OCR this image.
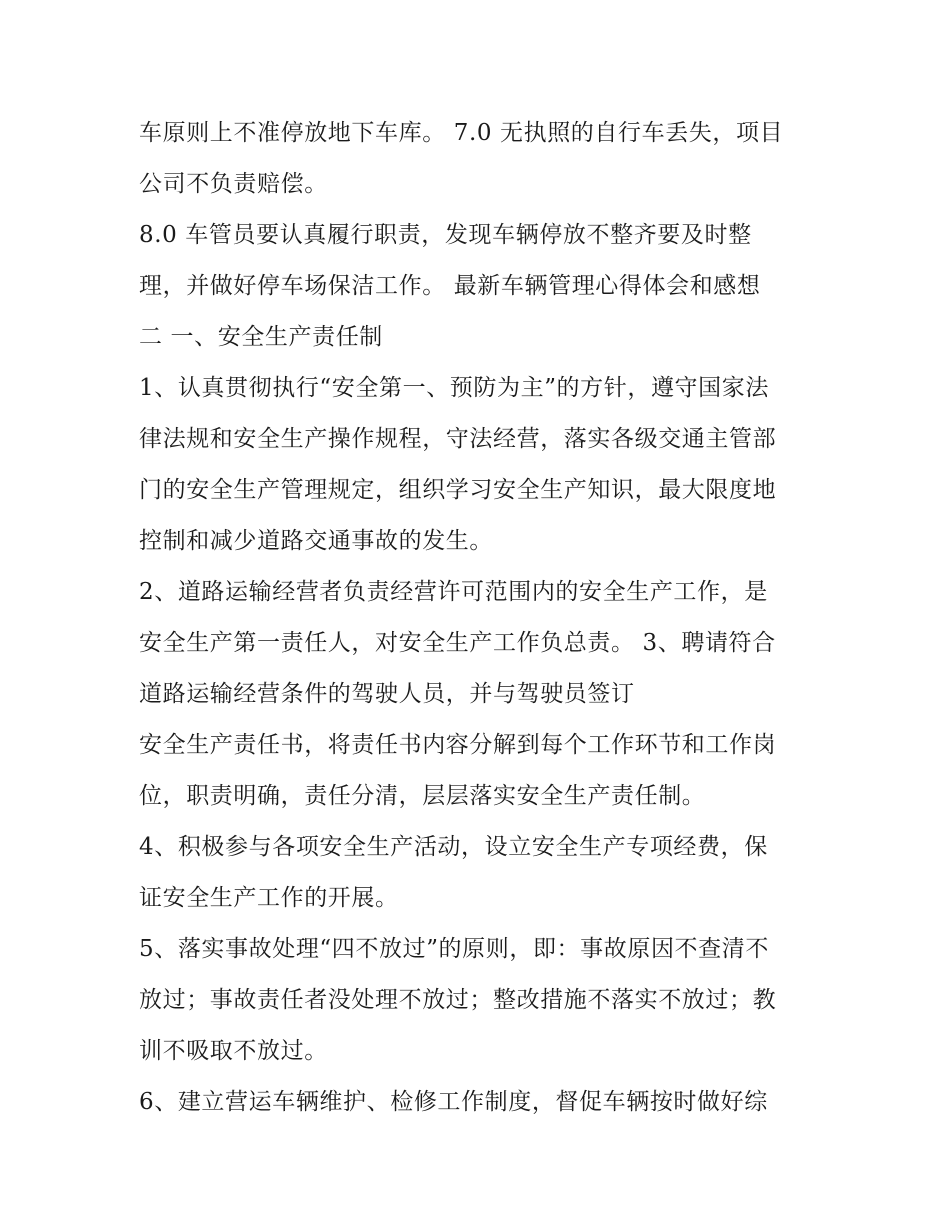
车原则上不准停放地下车库。 7.0 无执照的自行车丢失，项目
公司不负责赔偿。
8.0 车管员要认真履行职责，发现车辆停放不整齐要及时整
理，并做好停车场保洁工作。 最新车辆管理心得体会和感想
二 一、安全生产责任制
1、认真贯彻执行“安全第一、预防为主”的方针，遵守国家法
律法规和安全生产操作规程，守法经营，落实各级交通主管部
门的安全生产管理规定，组织学习安全生产知识，最大限度地
控制和减少道路交通事故的发生。
2、道路运输经营者负责经营许可范围内的安全生产工作，是
安全生产第一责任人，对安全生产工作负总责。 3、聘请符合
道路运输经营条件的驾驶人员，并与驾驶员签订
安全生产责任书，将责任书内容分解到每个工作环节和工作岗
位，职责明确，责任分清，层层落实安全生产责任制。
4、积极参与各项安全生产活动，设立安全生产专项经费，保
证安全生产工作的开展。
5、落实事故处理“四不放过”的原则，即：事故原因不查清不
放过；事故责任者没处理不放过；整改措施不落实不放过；教
训不吸取不放过。
6、建立营运车辆维护、检修工作制度，督促车辆按时做好综
